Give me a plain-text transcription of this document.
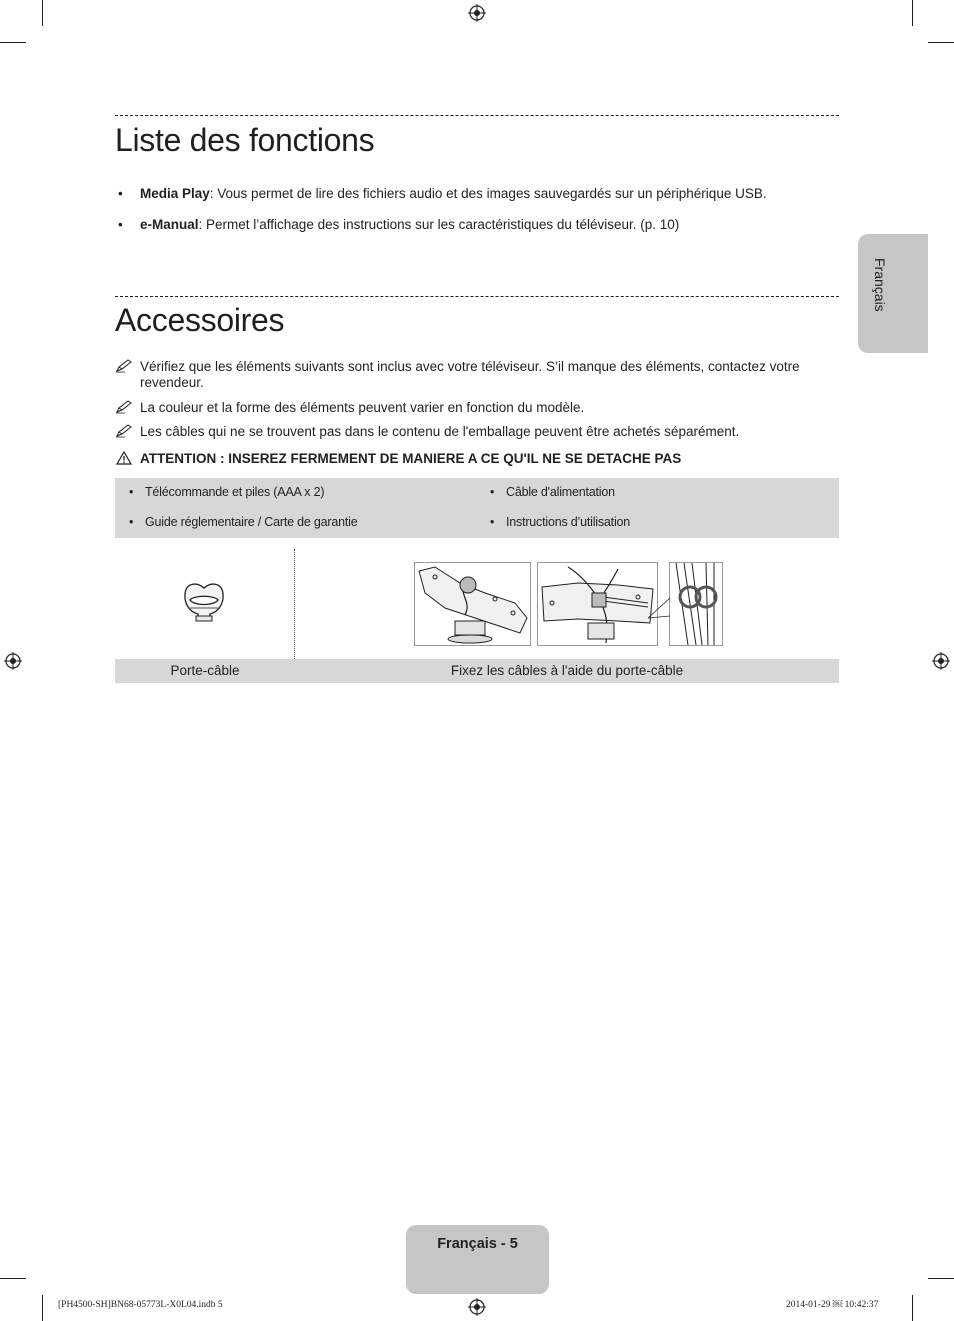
Français
Liste des fonctions
• Media Play: Vous permet de lire des fichiers audio et des images sauvegardés sur un périphérique USB.
• e-Manual: Permet l’affichage des instructions sur les caractéristiques du téléviseur. (p. 10)
Accessoires
Vérifiez que les éléments suivants sont inclus avec votre téléviseur. S’il manque des éléments, contactez votre revendeur.
La couleur et la forme des éléments peuvent varier en fonction du modèle.
Les câbles qui ne se trouvent pas dans le contenu de l'emballage peuvent être achetés séparément.
ATTENTION : INSEREZ FERMEMENT DE MANIERE A CE QU'IL NE SE DETACHE PAS
• Télécommande et piles (AAA x 2)	• Câble d'alimentation
• Guide réglementaire / Carte de garantie	• Instructions d’utilisation
Porte-câble	Fixez les câbles à l'aide du porte-câble
Français - 5
[PH4500-SH]BN68-05773L-X0L04.indb 5	2014-01-29 ￼ 10:42:37
